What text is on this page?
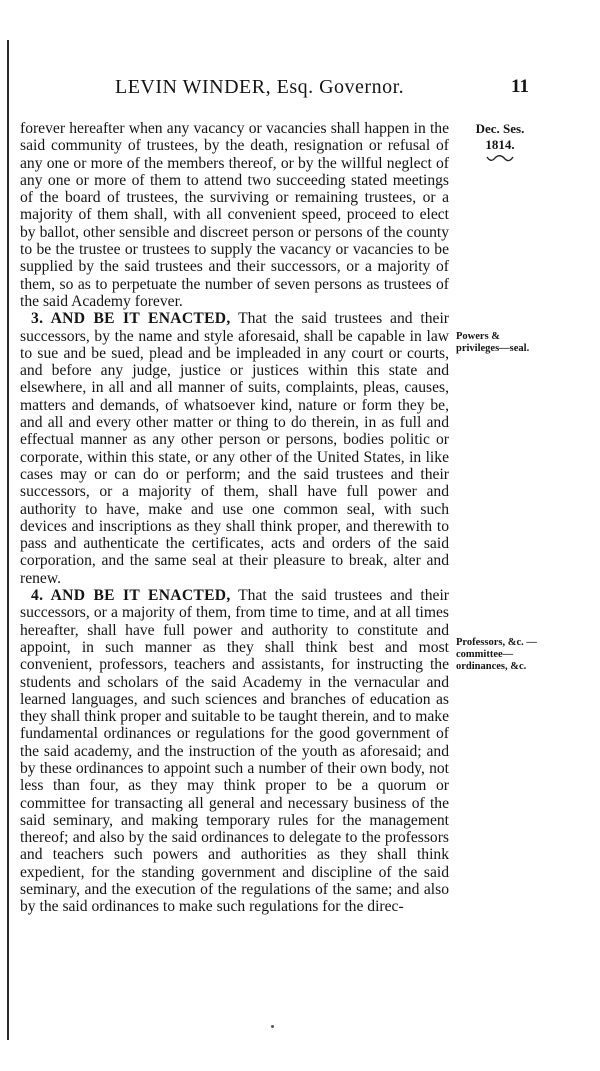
LEVIN WINDER, Esq. Governor.	11
Dec. Ses.
1814.
Powers & privileges—seal.
Professors, &c. —committee— ordinances, &c.

forever hereafter when any vacancy or vacancies shall happen in the said community of trustees, by the death, resignation or refusal of any one or more of the members thereof, or by the willful neglect of any one or more of them to attend two succeeding stated meetings of the board of trustees, the surviving or remaining trustees, or a majority of them shall, with all convenient speed, proceed to elect by ballot, other sensible and discreet person or persons of the county to be the trustee or trustees to supply the vacancy or vacancies to be supplied by the said trustees and their successors, or a majority of them, so as to perpetuate the number of seven persons as trustees of the said Academy forever.

3. AND BE IT ENACTED, That the said trustees and their successors, by the name and style aforesaid, shall be capable in law to sue and be sued, plead and be impleaded in any court or courts, and before any judge, justice or justices within this state and elsewhere, in all and all manner of suits, complaints, pleas, causes, matters and demands, of whatsoever kind, nature or form they be, and all and every other matter or thing to do therein, in as full and effectual manner as any other person or persons, bodies politic or corporate, within this state, or any other of the United States, in like cases may or can do or perform; and the said trustees and their successors, or a majority of them, shall have full power and authority to have, make and use one common seal, with such devices and inscriptions as they shall think proper, and therewith to pass and authenticate the certificates, acts and orders of the said corporation, and the same seal at their pleasure to break, alter and renew.

4. AND BE IT ENACTED, That the said trustees and their successors, or a majority of them, from time to time, and at all times hereafter, shall have full power and authority to constitute and appoint, in such manner as they shall think best and most convenient, professors, teachers and assistants, for instructing the students and scholars of the said Academy in the vernacular and learned languages, and such sciences and branches of education as they shall think proper and suitable to be taught therein, and to make fundamental ordinances or regulations for the good government of the said academy, and the instruction of the youth as aforesaid; and by these ordinances to appoint such a number of their own body, not less than four, as they may think proper to be a quorum or committee for transacting all general and necessary business of the said seminary, and making temporary rules for the management thereof; and also by the said ordinances to delegate to the professors and teachers such powers and authorities as they shall think expedient, for the standing government and discipline of the said seminary, and the execution of the regulations of the same; and also by the said ordinances to make such regulations for the direc-
